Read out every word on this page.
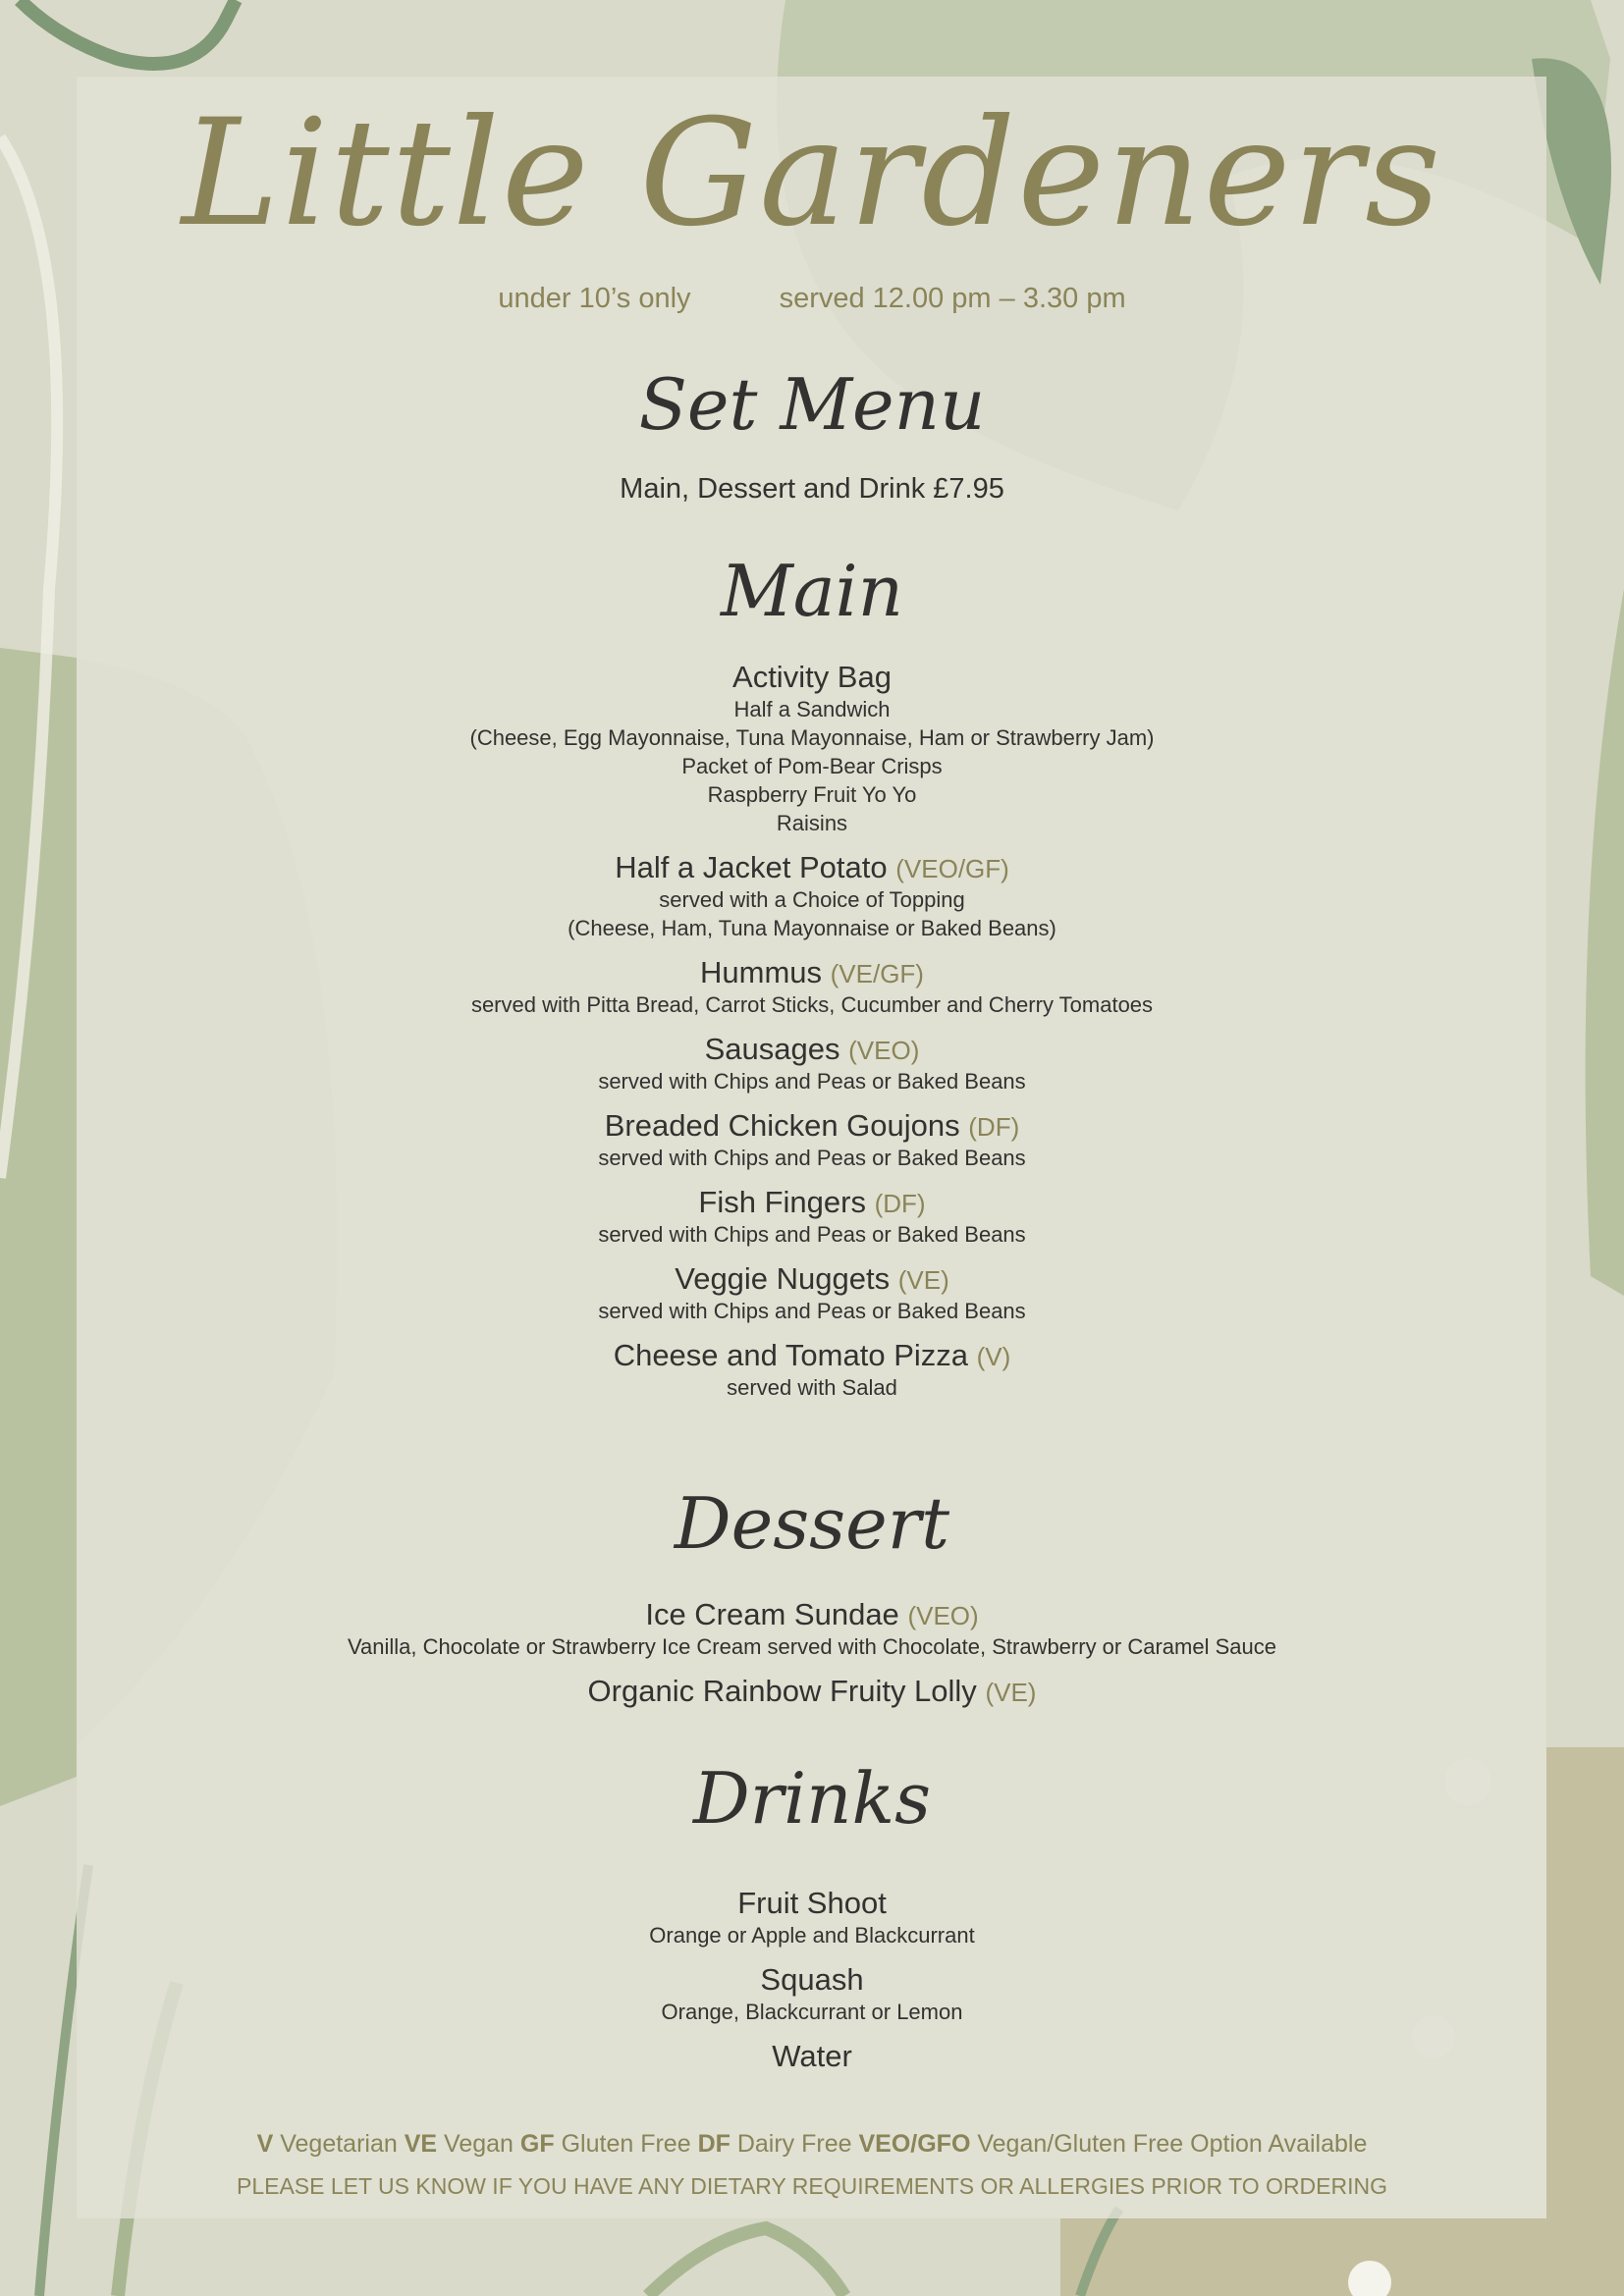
Little Gardeners
under 10’s only	served 12.00 pm – 3.30 pm
Set Menu
Main, Dessert and Drink £7.95
Main
Activity Bag
Half a Sandwich
(Cheese, Egg Mayonnaise, Tuna Mayonnaise, Ham or Strawberry Jam)
Packet of Pom-Bear Crisps
Raspberry Fruit Yo Yo
Raisins
Half a Jacket Potato (VEO/GF)
served with a Choice of Topping
(Cheese, Ham, Tuna Mayonnaise or Baked Beans)
Hummus (VE/GF)
served with Pitta Bread, Carrot Sticks, Cucumber and Cherry Tomatoes
Sausages (VEO)
served with Chips and Peas or Baked Beans
Breaded Chicken Goujons (DF)
served with Chips and Peas or Baked Beans
Fish Fingers (DF)
served with Chips and Peas or Baked Beans
Veggie Nuggets (VE)
served with Chips and Peas or Baked Beans
Cheese and Tomato Pizza (V)
served with Salad
Dessert
Ice Cream Sundae (VEO)
Vanilla, Chocolate or Strawberry Ice Cream served with Chocolate, Strawberry or Caramel Sauce
Organic Rainbow Fruity Lolly (VE)
Drinks
Fruit Shoot
Orange or Apple and Blackcurrant
Squash
Orange, Blackcurrant or Lemon
Water
V Vegetarian VE Vegan GF Gluten Free DF Dairy Free VEO/GFO Vegan/Gluten Free Option Available
PLEASE LET US KNOW IF YOU HAVE ANY DIETARY REQUIREMENTS OR ALLERGIES PRIOR TO ORDERING
